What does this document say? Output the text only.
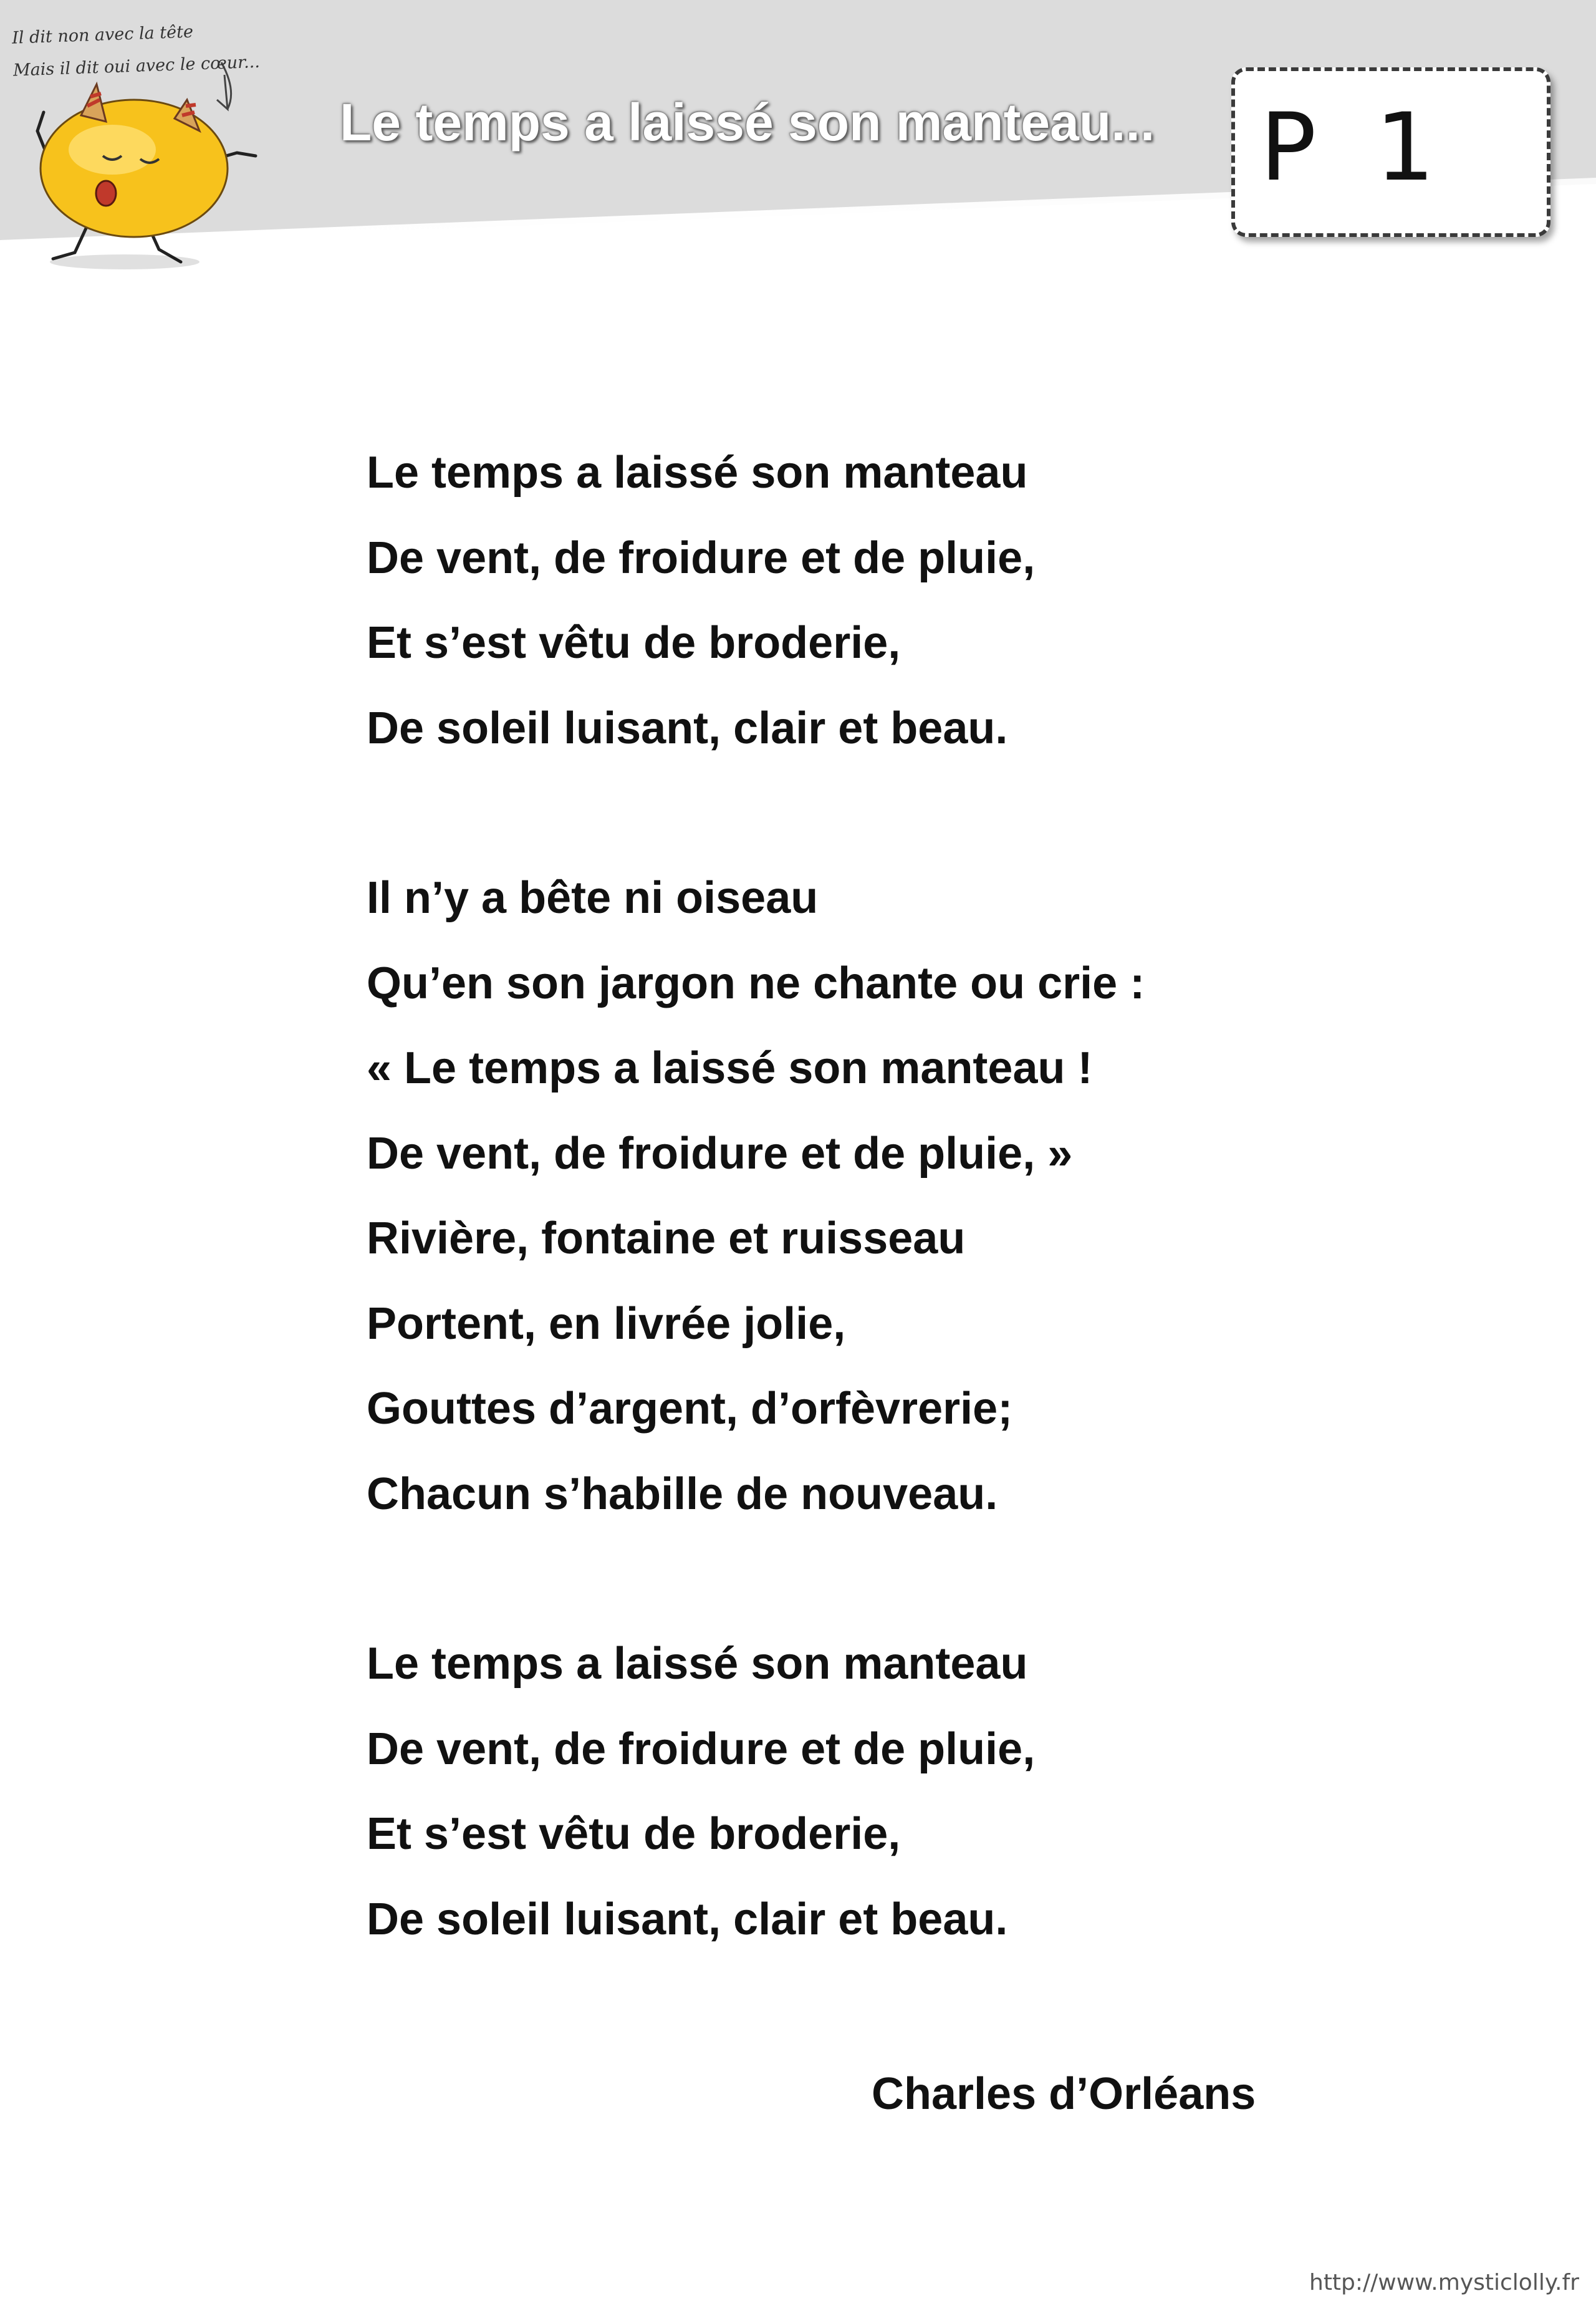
Il dit non avec la tête
Mais il dit oui avec le cœur...
Le temps a laissé son manteau... P 1
Le temps a laissé son manteau
De vent, de froidure et de pluie,
Et s’est vêtu de broderie,
De soleil luisant, clair et beau.
Il n’y a bête ni oiseau
Qu’en son jargon ne chante ou crie :
« Le temps a laissé son manteau !
De vent, de froidure et de pluie, »
Rivière, fontaine et ruisseau
Portent, en livrée jolie,
Gouttes d’argent, d’orfèvrerie;
Chacun s’habille de nouveau.
Le temps a laissé son manteau
De vent, de froidure et de pluie,
Et s’est vêtu de broderie,
De soleil luisant, clair et beau.
Charles d’Orléans
http://www.mysticlolly.fr
